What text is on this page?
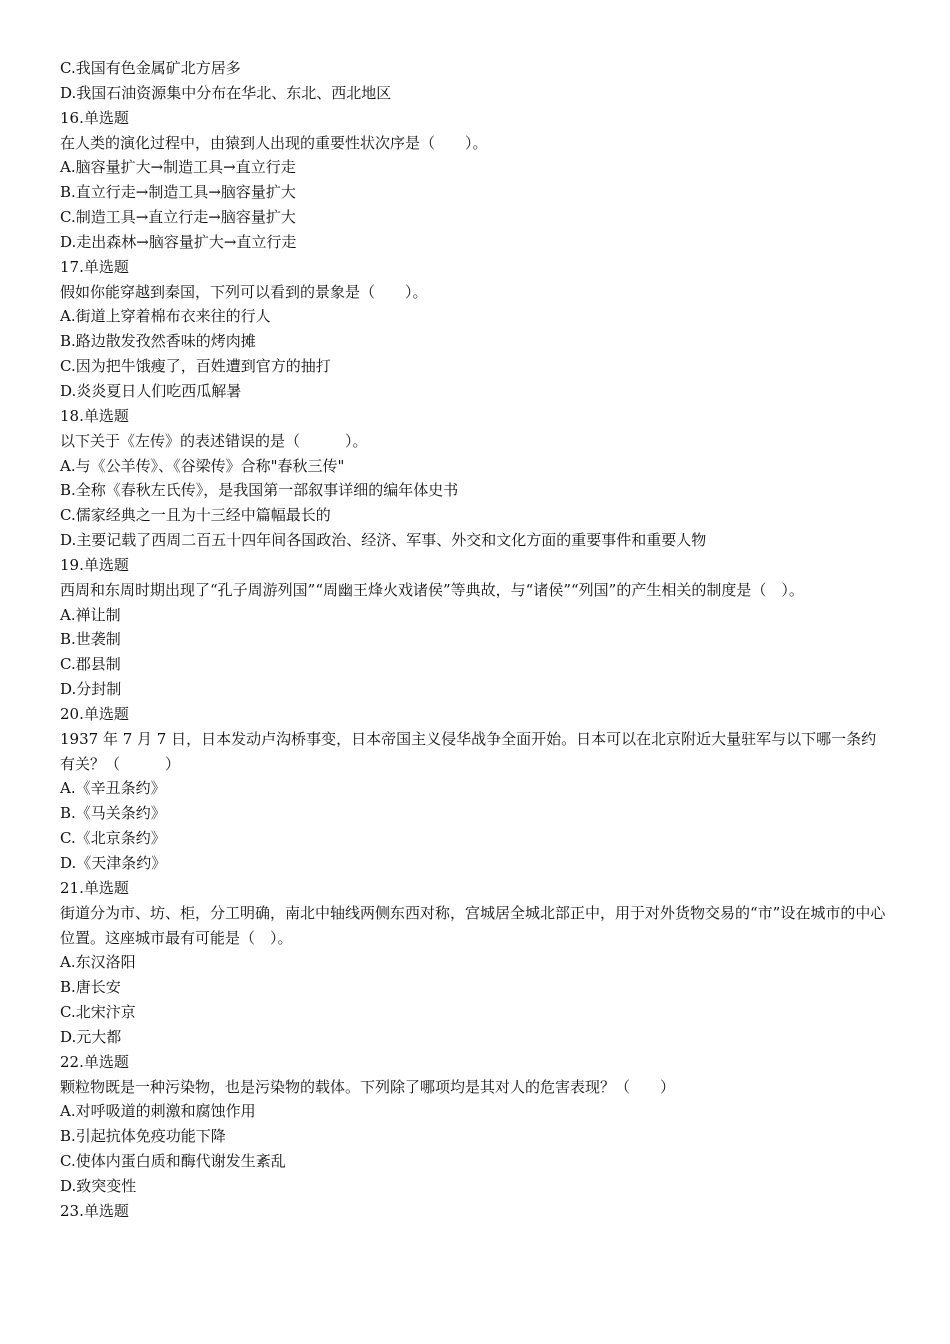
C.我国有色金属矿北方居多

D.我国石油资源集中分布在华北、东北、西北地区

16.单选题

在人类的演化过程中，由猿到人出现的重要性状次序是（　　）。

A.脑容量扩大→制造工具→直立行走

B.直立行走→制造工具→脑容量扩大

C.制造工具→直立行走→脑容量扩大

D.走出森林→脑容量扩大→直立行走

17.单选题

假如你能穿越到秦国，下列可以看到的景象是（　　）。

A.街道上穿着棉布衣来往的行人

B.路边散发孜然香味的烤肉摊

C.因为把牛饿瘦了，百姓遭到官方的抽打

D.炎炎夏日人们吃西瓜解暑

18.单选题

以下关于《左传》的表述错误的是（　　　）。

A.与《公羊传》、《谷梁传》合称"春秋三传"

B.全称《春秋左氏传》，是我国第一部叙事详细的编年体史书

C.儒家经典之一且为十三经中篇幅最长的

D.主要记载了西周二百五十四年间各国政治、经济、军事、外交和文化方面的重要事件和重要人物

19.单选题

西周和东周时期出现了“孔子周游列国”“周幽王烽火戏诸侯”等典故，与“诸侯”“列国”的产生相关的制度是（　）。

A.禅让制

B.世袭制

C.郡县制

D.分封制

20.单选题

1937 年 7 月 7 日，日本发动卢沟桥事变，日本帝国主义侵华战争全面开始。日本可以在北京附近大量驻军与以下哪一条约有关？（　　　）

A.《辛丑条约》

B.《马关条约》

C.《北京条约》

D.《天津条约》

21.单选题

街道分为市、坊、柜，分工明确，南北中轴线两侧东西对称，宫城居全城北部正中，用于对外货物交易的“市”设在城市的中心位置。这座城市最有可能是（　）。

A.东汉洛阳

B.唐长安

C.北宋汴京

D.元大都

22.单选题

颗粒物既是一种污染物，也是污染物的载体。下列除了哪项均是其对人的危害表现？（　　）

A.对呼吸道的刺激和腐蚀作用

B.引起抗体免疫功能下降

C.使体内蛋白质和酶代谢发生紊乱

D.致突变性

23.单选题
